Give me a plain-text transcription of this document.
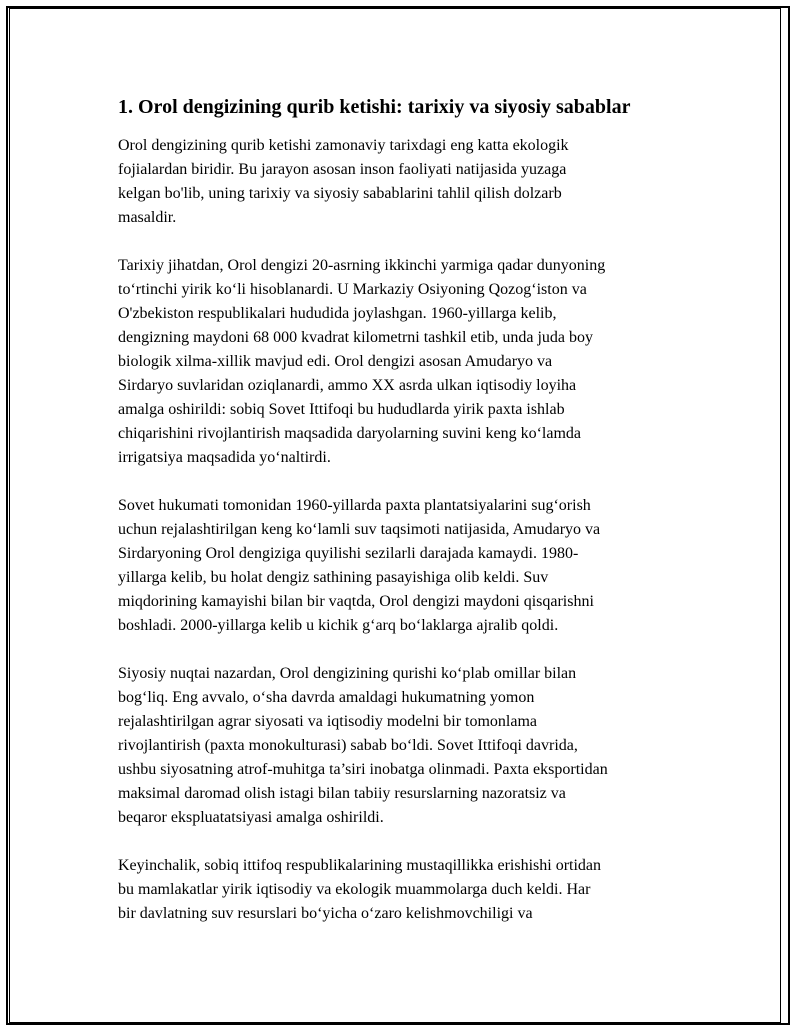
1. Orol dengizining qurib ketishi: tarixiy va siyosiy sabablar

Orol dengizining qurib ketishi zamonaviy tarixdagi eng katta ekologik
fojialardan biridir. Bu jarayon asosan inson faoliyati natijasida yuzaga
kelgan bo'lib, uning tarixiy va siyosiy sabablarini tahlil qilish dolzarb
masaldir.

Tarixiy jihatdan, Orol dengizi 20-asrning ikkinchi yarmiga qadar dunyoning
to‘rtinchi yirik ko‘li hisoblanardi. U Markaziy Osiyoning Qozog‘iston va
O'zbekiston respublikalari hududida joylashgan. 1960-yillarga kelib,
dengizning maydoni 68 000 kvadrat kilometrni tashkil etib, unda juda boy
biologik xilma-xillik mavjud edi. Orol dengizi asosan Amudaryo va
Sirdaryo suvlaridan oziqlanardi, ammo XX asrda ulkan iqtisodiy loyiha
amalga oshirildi: sobiq Sovet Ittifoqi bu hududlarda yirik paxta ishlab
chiqarishini rivojlantirish maqsadida daryolarning suvini keng ko‘lamda
irrigatsiya maqsadida yo‘naltirdi.

Sovet hukumati tomonidan 1960-yillarda paxta plantatsiyalarini sug‘orish
uchun rejalashtirilgan keng ko‘lamli suv taqsimoti natijasida, Amudaryo va
Sirdaryoning Orol dengiziga quyilishi sezilarli darajada kamaydi. 1980-
yillarga kelib, bu holat dengiz sathining pasayishiga olib keldi. Suv
miqdorining kamayishi bilan bir vaqtda, Orol dengizi maydoni qisqarishni
boshladi. 2000-yillarga kelib u kichik g‘arq bo‘laklarga ajralib qoldi.

Siyosiy nuqtai nazardan, Orol dengizining qurishi ko‘plab omillar bilan
bog‘liq. Eng avvalo, o‘sha davrda amaldagi hukumatning yomon
rejalashtirilgan agrar siyosati va iqtisodiy modelni bir tomonlama
rivojlantirish (paxta monokulturasi) sabab bo‘ldi. Sovet Ittifoqi davrida,
ushbu siyosatning atrof-muhitga ta’siri inobatga olinmadi. Paxta eksportidan
maksimal daromad olish istagi bilan tabiiy resurslarning nazoratsiz va
beqaror ekspluatatsiyasi amalga oshirildi.

Keyinchalik, sobiq ittifoq respublikalarining mustaqillikka erishishi ortidan
bu mamlakatlar yirik iqtisodiy va ekologik muammolarga duch keldi. Har
bir davlatning suv resurslari bo‘yicha o‘zaro kelishmovchiligi va
